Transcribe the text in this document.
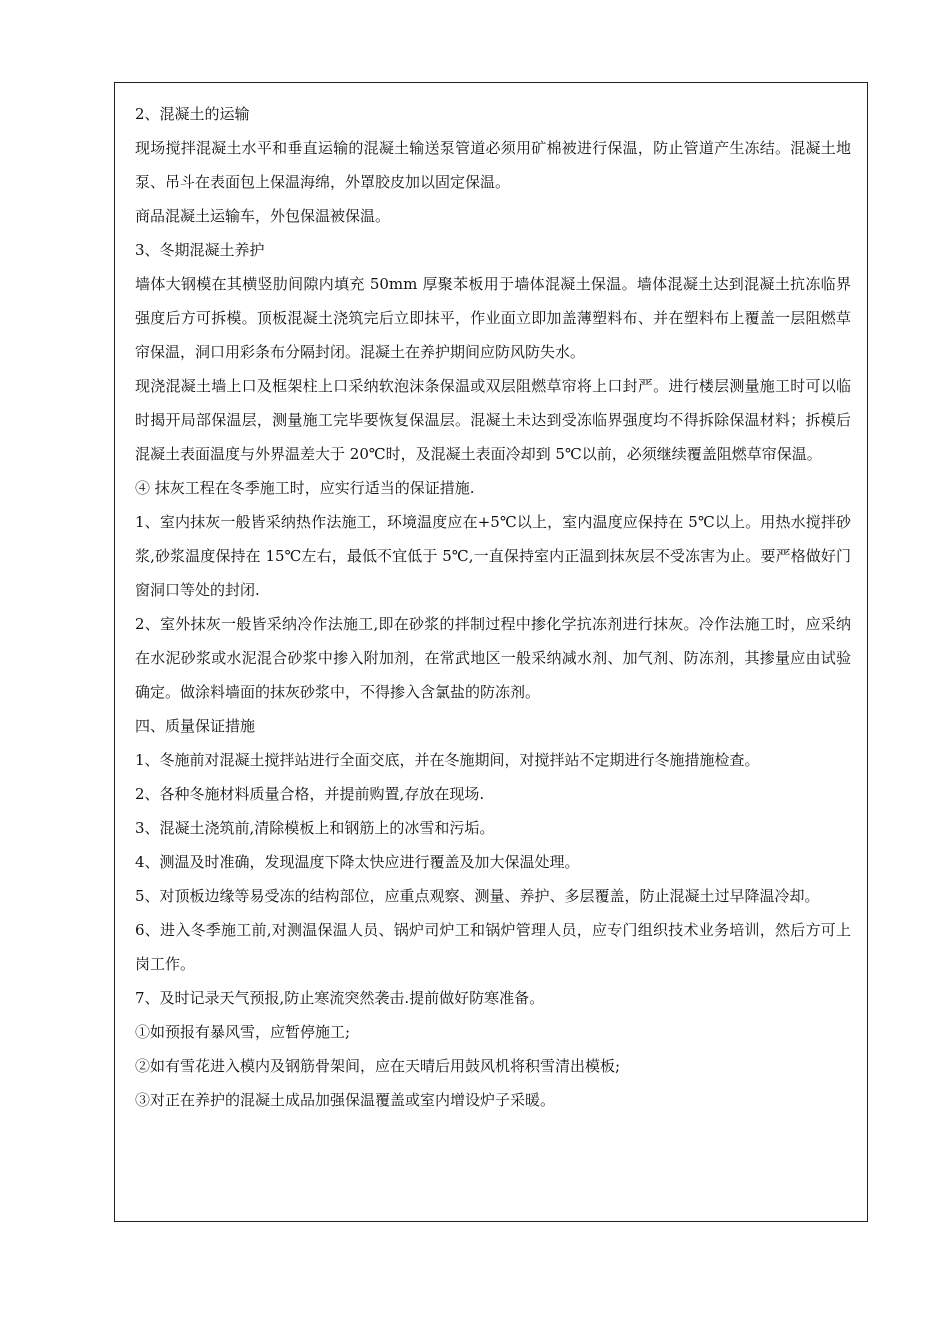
2、混凝土的运输

现场搅拌混凝土水平和垂直运输的混凝土输送泵管道必须用矿棉被进行保温，防止管道产生冻结。混凝土地泵、吊斗在表面包上保温海绵，外罩胶皮加以固定保温。

商品混凝土运输车，外包保温被保温。

3、冬期混凝土养护

墙体大钢模在其横竖肋间隙内填充 50mm 厚聚苯板用于墙体混凝土保温。墙体混凝土达到混凝土抗冻临界强度后方可拆模。顶板混凝土浇筑完后立即抹平，作业面立即加盖薄塑料布、并在塑料布上覆盖一层阻燃草帘保温，洞口用彩条布分隔封闭。混凝土在养护期间应防风防失水。

现浇混凝土墙上口及框架柱上口采纳软泡沫条保温或双层阻燃草帘将上口封严。进行楼层测量施工时可以临时揭开局部保温层，测量施工完毕要恢复保温层。混凝土未达到受冻临界强度均不得拆除保温材料；拆模后混凝土表面温度与外界温差大于 20℃时，及混凝土表面冷却到 5℃以前，必须继续覆盖阻燃草帘保温。

④ 抹灰工程在冬季施工时，应实行适当的保证措施.

1、室内抹灰一般皆采纳热作法施工，环境温度应在+5℃以上，室内温度应保持在 5℃以上。用热水搅拌砂浆,砂浆温度保持在 15℃左右，最低不宜低于 5℃,一直保持室内正温到抹灰层不受冻害为止。要严格做好门窗洞口等处的封闭.

2、室外抹灰一般皆采纳冷作法施工,即在砂浆的拌制过程中掺化学抗冻剂进行抹灰。冷作法施工时，应采纳在水泥砂浆或水泥混合砂浆中掺入附加剂，在常武地区一般采纳减水剂、加气剂、防冻剂，其掺量应由试验确定。做涂料墙面的抹灰砂浆中，不得掺入含氯盐的防冻剂。

四、质量保证措施

1、冬施前对混凝土搅拌站进行全面交底，并在冬施期间，对搅拌站不定期进行冬施措施检查。

2、各种冬施材料质量合格，并提前购置,存放在现场.

3、混凝土浇筑前,清除模板上和钢筋上的冰雪和污垢。

4、测温及时准确，发现温度下降太快应进行覆盖及加大保温处理。

5、对顶板边缘等易受冻的结构部位，应重点观察、测量、养护、多层覆盖，防止混凝土过早降温冷却。

6、进入冬季施工前,对测温保温人员、锅炉司炉工和锅炉管理人员，应专门组织技术业务培训，然后方可上岗工作。

7、及时记录天气预报,防止寒流突然袭击.提前做好防寒准备。

①如预报有暴风雪，应暂停施工;

②如有雪花进入模内及钢筋骨架间，应在天晴后用鼓风机将积雪清出模板;

③对正在养护的混凝土成品加强保温覆盖或室内增设炉子采暖。
